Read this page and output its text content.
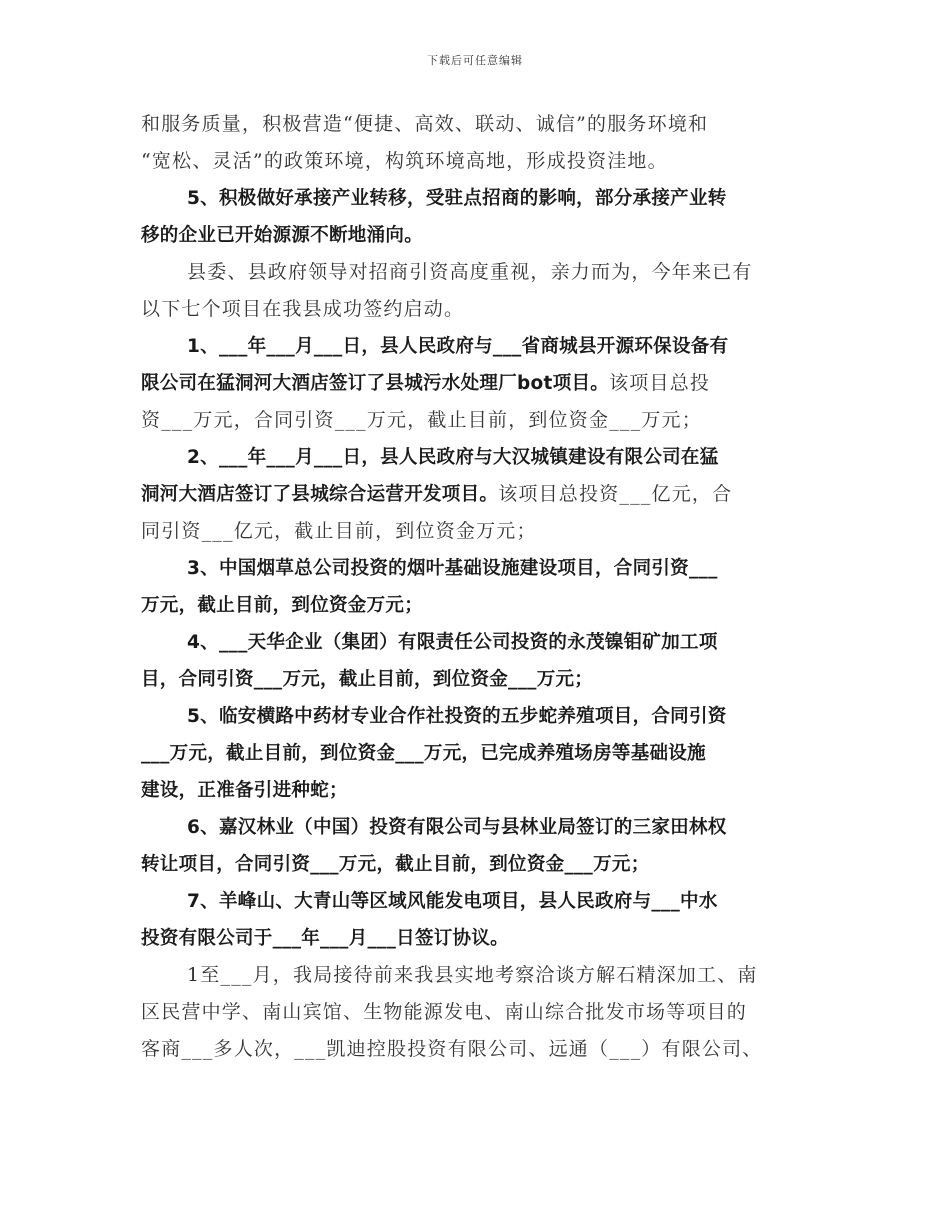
下载后可任意编辑

和服务质量，积极营造“便捷、高效、联动、诚信”的服务环境和
“宽松、灵活”的政策环境，构筑环境高地，形成投资洼地。

5、积极做好承接产业转移，受驻点招商的影响，部分承接产业转
移的企业已开始源源不断地涌向。

县委、县政府领导对招商引资高度重视，亲力而为，今年来已有
以下七个项目在我县成功签约启动。

1、___年___月___日，县人民政府与___省商城县开源环保设备有
限公司在猛洞河大酒店签订了县城污水处理厂bot项目。该项目总投
资___万元，合同引资___万元，截止目前，到位资金___万元；

2、___年___月___日，县人民政府与大汉城镇建设有限公司在猛
洞河大酒店签订了县城综合运营开发项目。该项目总投资___亿元，合
同引资___亿元，截止目前，到位资金万元；

3、中国烟草总公司投资的烟叶基础设施建设项目，合同引资___
万元，截止目前，到位资金万元；

4、___天华企业（集团）有限责任公司投资的永茂镍钼矿加工项
目，合同引资___万元，截止目前，到位资金___万元；

5、临安横路中药材专业合作社投资的五步蛇养殖项目，合同引资
___万元，截止目前，到位资金___万元，已完成养殖场房等基础设施
建设，正准备引进种蛇；

6、嘉汉林业（中国）投资有限公司与县林业局签订的三家田林权
转让项目，合同引资___万元，截止目前，到位资金___万元；

7、羊峰山、大青山等区域风能发电项目，县人民政府与___中水
投资有限公司于___年___月___日签订协议。

1至___月，我局接待前来我县实地考察洽谈方解石精深加工、南
区民营中学、南山宾馆、生物能源发电、南山综合批发市场等项目的
客商___多人次，___凯迪控股投资有限公司、远通（___）有限公司、
